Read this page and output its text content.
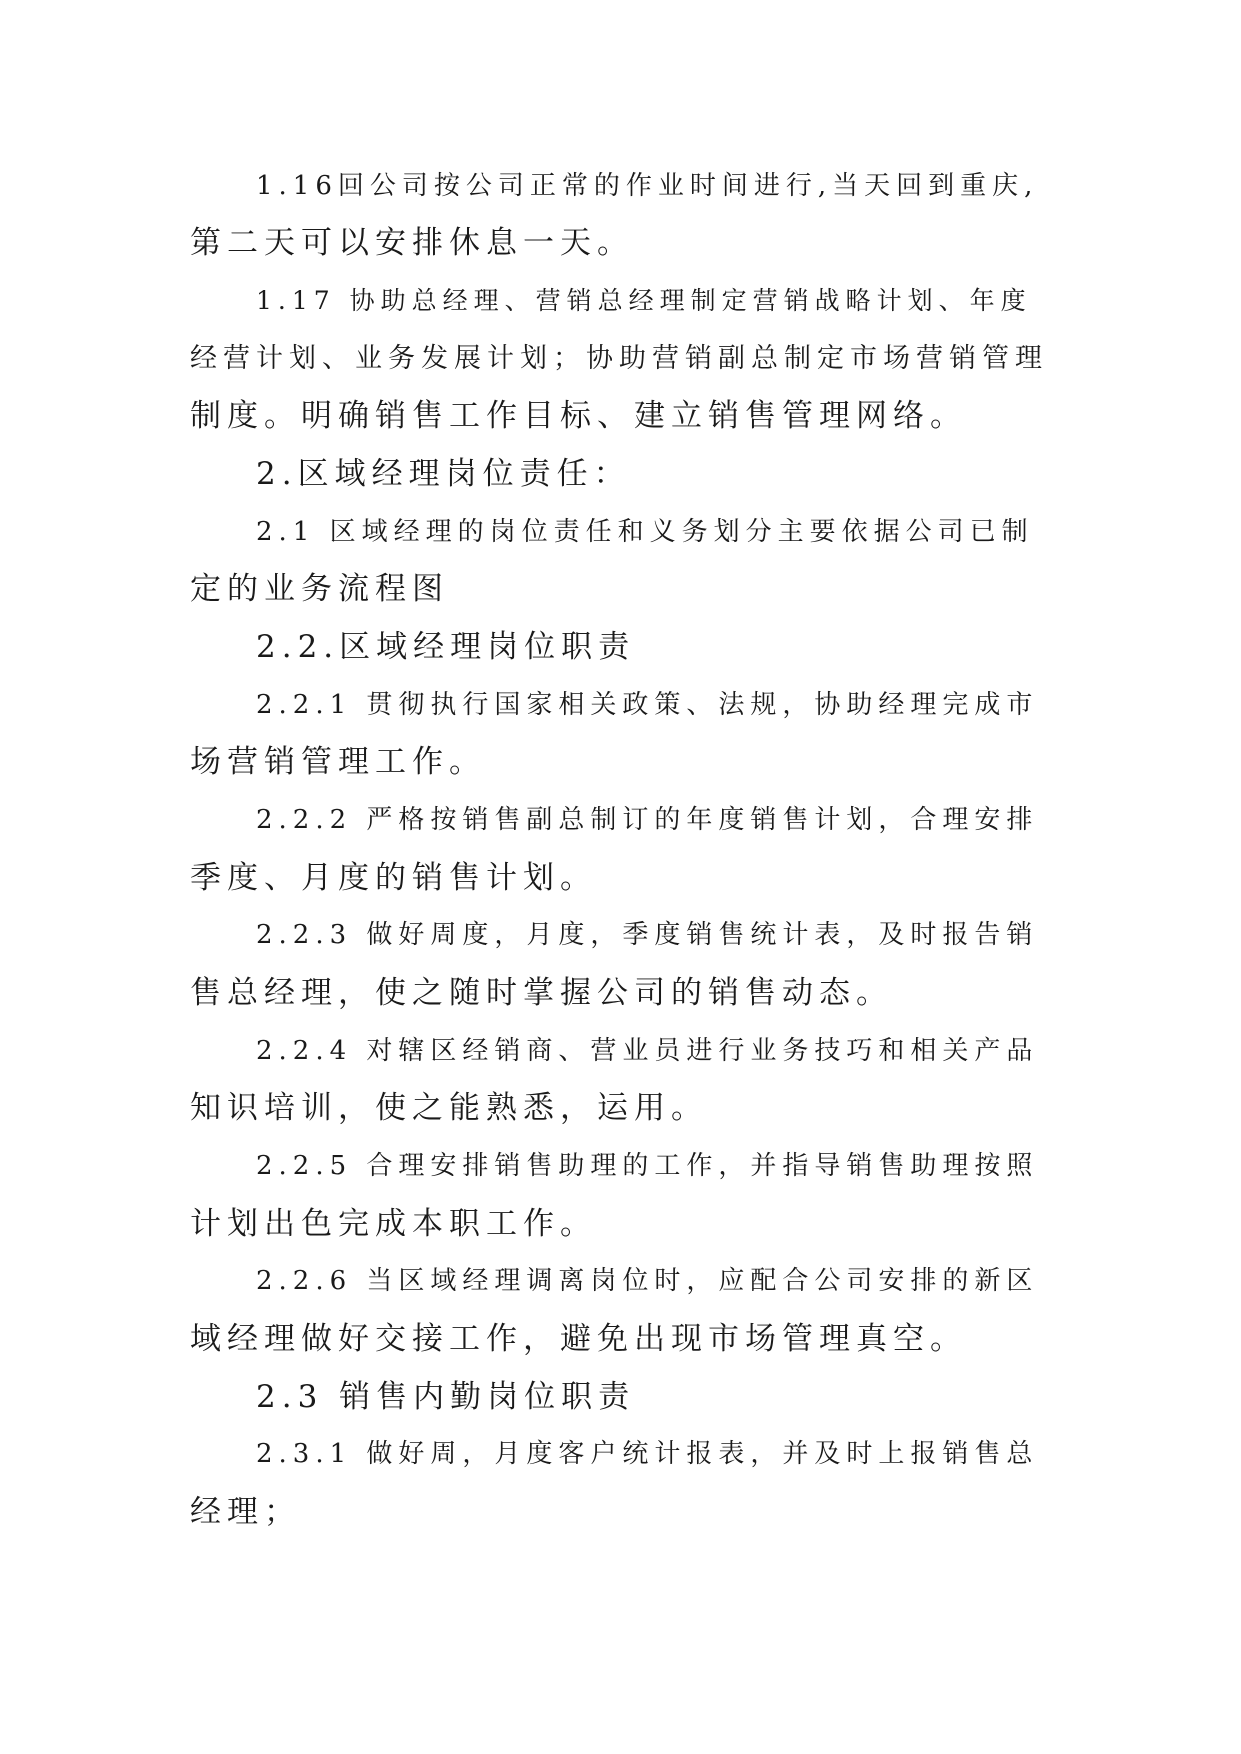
1.16回公司按公司正常的作业时间进行,当天回到重庆,
第二天可以安排休息一天。
1.17 协助总经理、营销总经理制定营销战略计划、年度
经营计划、业务发展计划；协助营销副总制定市场营销管理
制度。明确销售工作目标、建立销售管理网络。
2.区域经理岗位责任：
2.1 区域经理的岗位责任和义务划分主要依据公司已制
定的业务流程图
2.2.区域经理岗位职责
2.2.1 贯彻执行国家相关政策、法规，协助经理完成市
场营销管理工作。
2.2.2 严格按销售副总制订的年度销售计划，合理安排
季度、月度的销售计划。
2.2.3 做好周度，月度，季度销售统计表，及时报告销
售总经理，使之随时掌握公司的销售动态。
2.2.4 对辖区经销商、营业员进行业务技巧和相关产品
知识培训，使之能熟悉，运用。
2.2.5 合理安排销售助理的工作，并指导销售助理按照
计划出色完成本职工作。
2.2.6 当区域经理调离岗位时，应配合公司安排的新区
域经理做好交接工作，避免出现市场管理真空。
2.3 销售内勤岗位职责
2.3.1 做好周，月度客户统计报表，并及时上报销售总
经理；
